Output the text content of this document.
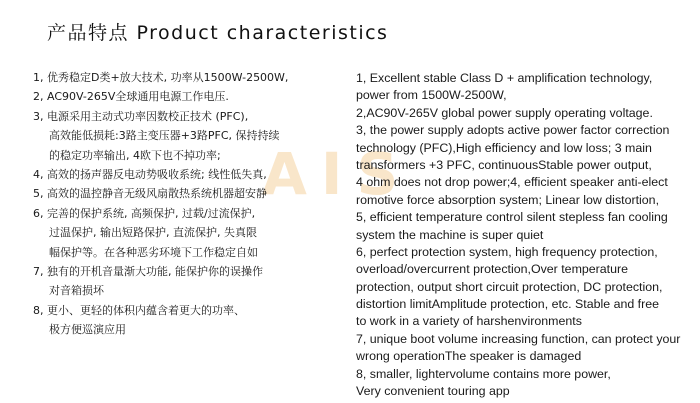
产品特点 Product characteristics
AIS
1, 优秀稳定D类+放大技术, 功率从1500W-2500W,
2, AC90V-265V全球通用电源工作电压.
3, 电源采用主动式功率因数校正技术 (PFC),
高效能低损耗:3路主变压器+3路PFC, 保持持续
的稳定功率输出, 4欧下也不掉功率;
4, 高效的扬声器反电动势吸收系统; 线性低失真,
5, 高效的温控静音无级风扇散热系统机器超安静
6, 完善的保护系统, 高频保护, 过载/过流保护,
过温保护, 输出短路保护, 直流保护, 失真限
幅保护等。在各种恶劣环境下工作稳定自如
7, 独有的开机音量渐大功能, 能保护你的误操作
对音箱损坏
8, 更小、更轻的体积内蕴含着更大的功率、
极方便巡演应用
1, Excellent stable Class D + amplification technology,
power from 1500W-2500W,
2,AC90V-265V global power supply operating voltage.
3, the power supply adopts active power factor correction
technology (PFC),High efficiency and low loss; 3 main
transformers +3 PFC, continuousStable power output,
4 ohm does not drop power;4, efficient speaker anti-elect
romotive force absorption system; Linear low distortion,
5, efficient temperature control silent stepless fan cooling
system the machine is super quiet
6, perfect protection system, high frequency protection,
overload/overcurrent protection,Over temperature
protection, output short circuit protection, DC protection,
distortion limitAmplitude protection, etc. Stable and free
to work in a variety of harshenvironments
7, unique boot volume increasing function, can protect your
wrong operationThe speaker is damaged
8, smaller, lightervolume contains more power,
Very convenient touring app
